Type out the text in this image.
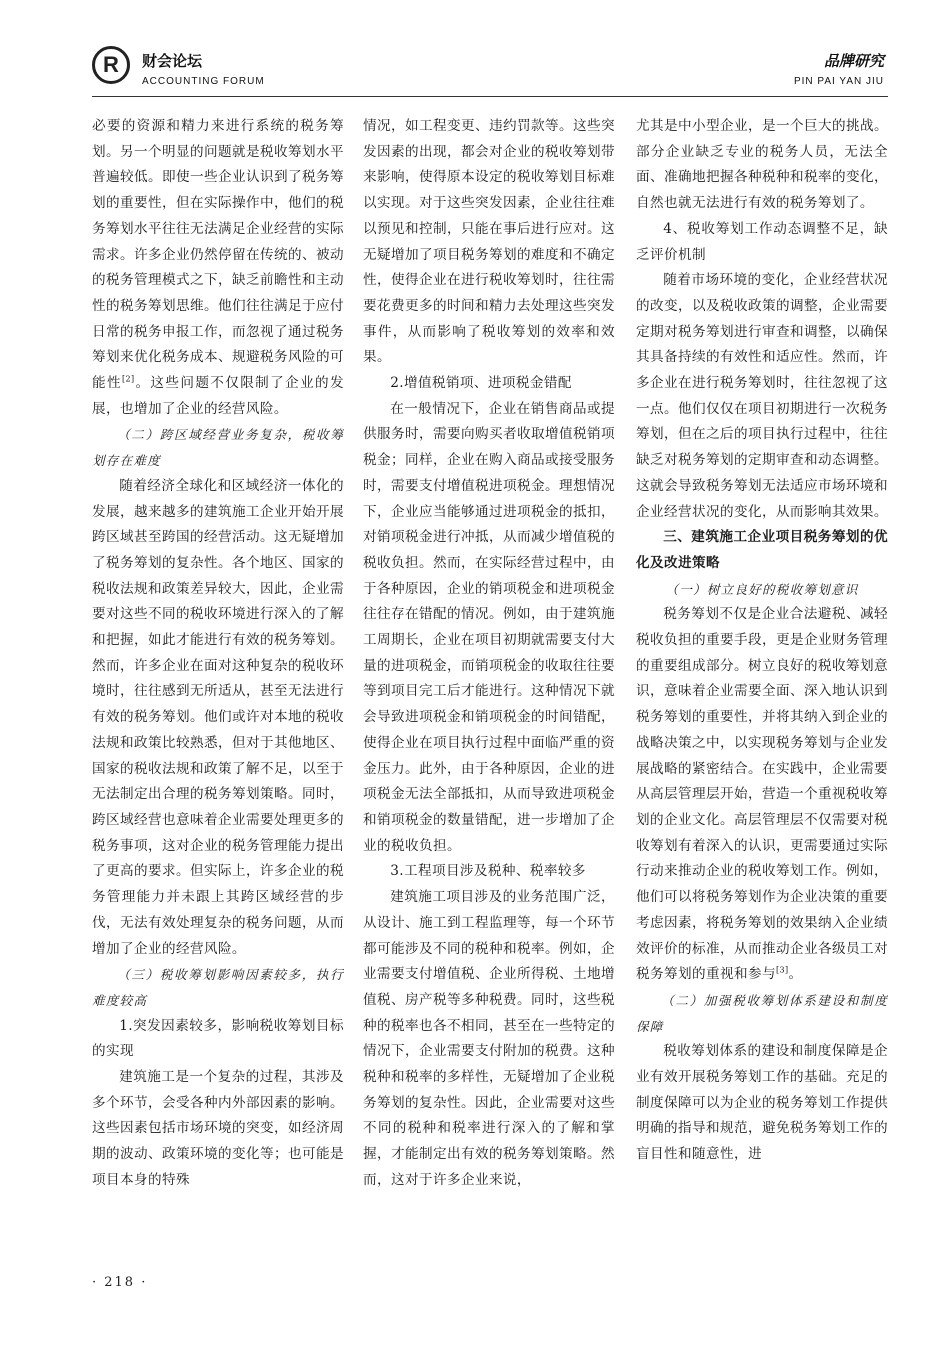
R	财会论坛
ACCOUNTING FORUM
品牌研究
PIN PAI YAN JIU

必要的资源和精力来进行系统的税务筹划。另一个明显的问题就是税收筹划水平普遍较低。即使一些企业认识到了税务筹划的重要性，但在实际操作中，他们的税务筹划水平往往无法满足企业经营的实际需求。许多企业仍然停留在传统的、被动的税务管理模式之下，缺乏前瞻性和主动性的税务筹划思维。他们往往满足于应付日常的税务申报工作，而忽视了通过税务筹划来优化税务成本、规避税务风险的可能性[2]。这些问题不仅限制了企业的发展，也增加了企业的经营风险。

（二）跨区域经营业务复杂，税收筹划存在难度

随着经济全球化和区域经济一体化的发展，越来越多的建筑施工企业开始开展跨区域甚至跨国的经营活动。这无疑增加了税务筹划的复杂性。各个地区、国家的税收法规和政策差异较大，因此，企业需要对这些不同的税收环境进行深入的了解和把握，如此才能进行有效的税务筹划。然而，许多企业在面对这种复杂的税收环境时，往往感到无所适从，甚至无法进行有效的税务筹划。他们或许对本地的税收法规和政策比较熟悉，但对于其他地区、国家的税收法规和政策了解不足，以至于无法制定出合理的税务筹划策略。同时，跨区域经营也意味着企业需要处理更多的税务事项，这对企业的税务管理能力提出了更高的要求。但实际上，许多企业的税务管理能力并未跟上其跨区域经营的步伐，无法有效处理复杂的税务问题，从而增加了企业的经营风险。

（三）税收筹划影响因素较多，执行难度较高

1.突发因素较多，影响税收筹划目标的实现

建筑施工是一个复杂的过程，其涉及多个环节，会受各种内外部因素的影响。这些因素包括市场环境的突变，如经济周期的波动、政策环境的变化等；也可能是项目本身的特殊

情况，如工程变更、违约罚款等。这些突发因素的出现，都会对企业的税收筹划带来影响，使得原本设定的税收筹划目标难以实现。对于这些突发因素，企业往往难以预见和控制，只能在事后进行应对。这无疑增加了项目税务筹划的难度和不确定性，使得企业在进行税收筹划时，往往需要花费更多的时间和精力去处理这些突发事件，从而影响了税收筹划的效率和效果。

2.增值税销项、进项税金错配

在一般情况下，企业在销售商品或提供服务时，需要向购买者收取增值税销项税金；同样，企业在购入商品或接受服务时，需要支付增值税进项税金。理想情况下，企业应当能够通过进项税金的抵扣，对销项税金进行冲抵，从而减少增值税的税收负担。然而，在实际经营过程中，由于各种原因，企业的销项税金和进项税金往往存在错配的情况。例如，由于建筑施工周期长，企业在项目初期就需要支付大量的进项税金，而销项税金的收取往往要等到项目完工后才能进行。这种情况下就会导致进项税金和销项税金的时间错配，使得企业在项目执行过程中面临严重的资金压力。此外，由于各种原因，企业的进项税金无法全部抵扣，从而导致进项税金和销项税金的数量错配，进一步增加了企业的税收负担。

3.工程项目涉及税种、税率较多

建筑施工项目涉及的业务范围广泛，从设计、施工到工程监理等，每一个环节都可能涉及不同的税种和税率。例如，企业需要支付增值税、企业所得税、土地增值税、房产税等多种税费。同时，这些税种的税率也各不相同，甚至在一些特定的情况下，企业需要支付附加的税费。这种税种和税率的多样性，无疑增加了企业税务筹划的复杂性。因此，企业需要对这些不同的税种和税率进行深入的了解和掌握，才能制定出有效的税务筹划策略。然而，这对于许多企业来说，

尤其是中小型企业，是一个巨大的挑战。部分企业缺乏专业的税务人员，无法全面、准确地把握各种税种和税率的变化，自然也就无法进行有效的税务筹划了。

4、税收筹划工作动态调整不足，缺乏评价机制

随着市场环境的变化，企业经营状况的改变，以及税收政策的调整，企业需要定期对税务筹划进行审查和调整，以确保其具备持续的有效性和适应性。然而，许多企业在进行税务筹划时，往往忽视了这一点。他们仅仅在项目初期进行一次税务筹划，但在之后的项目执行过程中，往往缺乏对税务筹划的定期审查和动态调整。这就会导致税务筹划无法适应市场环境和企业经营状况的变化，从而影响其效果。

三、建筑施工企业项目税务筹划的优化及改进策略

（一）树立良好的税收筹划意识

税务筹划不仅是企业合法避税、减轻税收负担的重要手段，更是企业财务管理的重要组成部分。树立良好的税收筹划意识，意味着企业需要全面、深入地认识到税务筹划的重要性，并将其纳入到企业的战略决策之中，以实现税务筹划与企业发展战略的紧密结合。在实践中，企业需要从高层管理层开始，营造一个重视税收筹划的企业文化。高层管理层不仅需要对税收筹划有着深入的认识，更需要通过实际行动来推动企业的税收筹划工作。例如，他们可以将税务筹划作为企业决策的重要考虑因素，将税务筹划的效果纳入企业绩效评价的标准，从而推动企业各级员工对税务筹划的重视和参与[3]。

（二）加强税收筹划体系建设和制度保障

税收筹划体系的建设和制度保障是企业有效开展税务筹划工作的基础。充足的制度保障可以为企业的税务筹划工作提供明确的指导和规范，避免税务筹划工作的盲目性和随意性，进

· 218 ·
